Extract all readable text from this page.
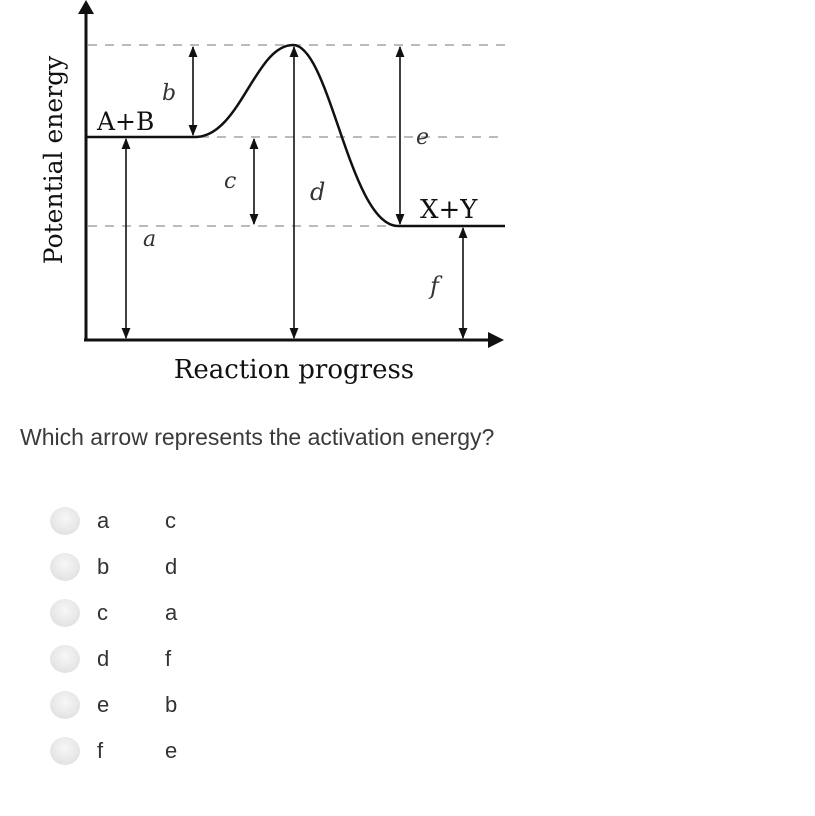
Potential energy
Reaction progress
A+B
X+Y
a
b
c	d
e
f
Which arrow represents the activation energy?
a	c
b	d
c	a
d	f
e	b
f	e
